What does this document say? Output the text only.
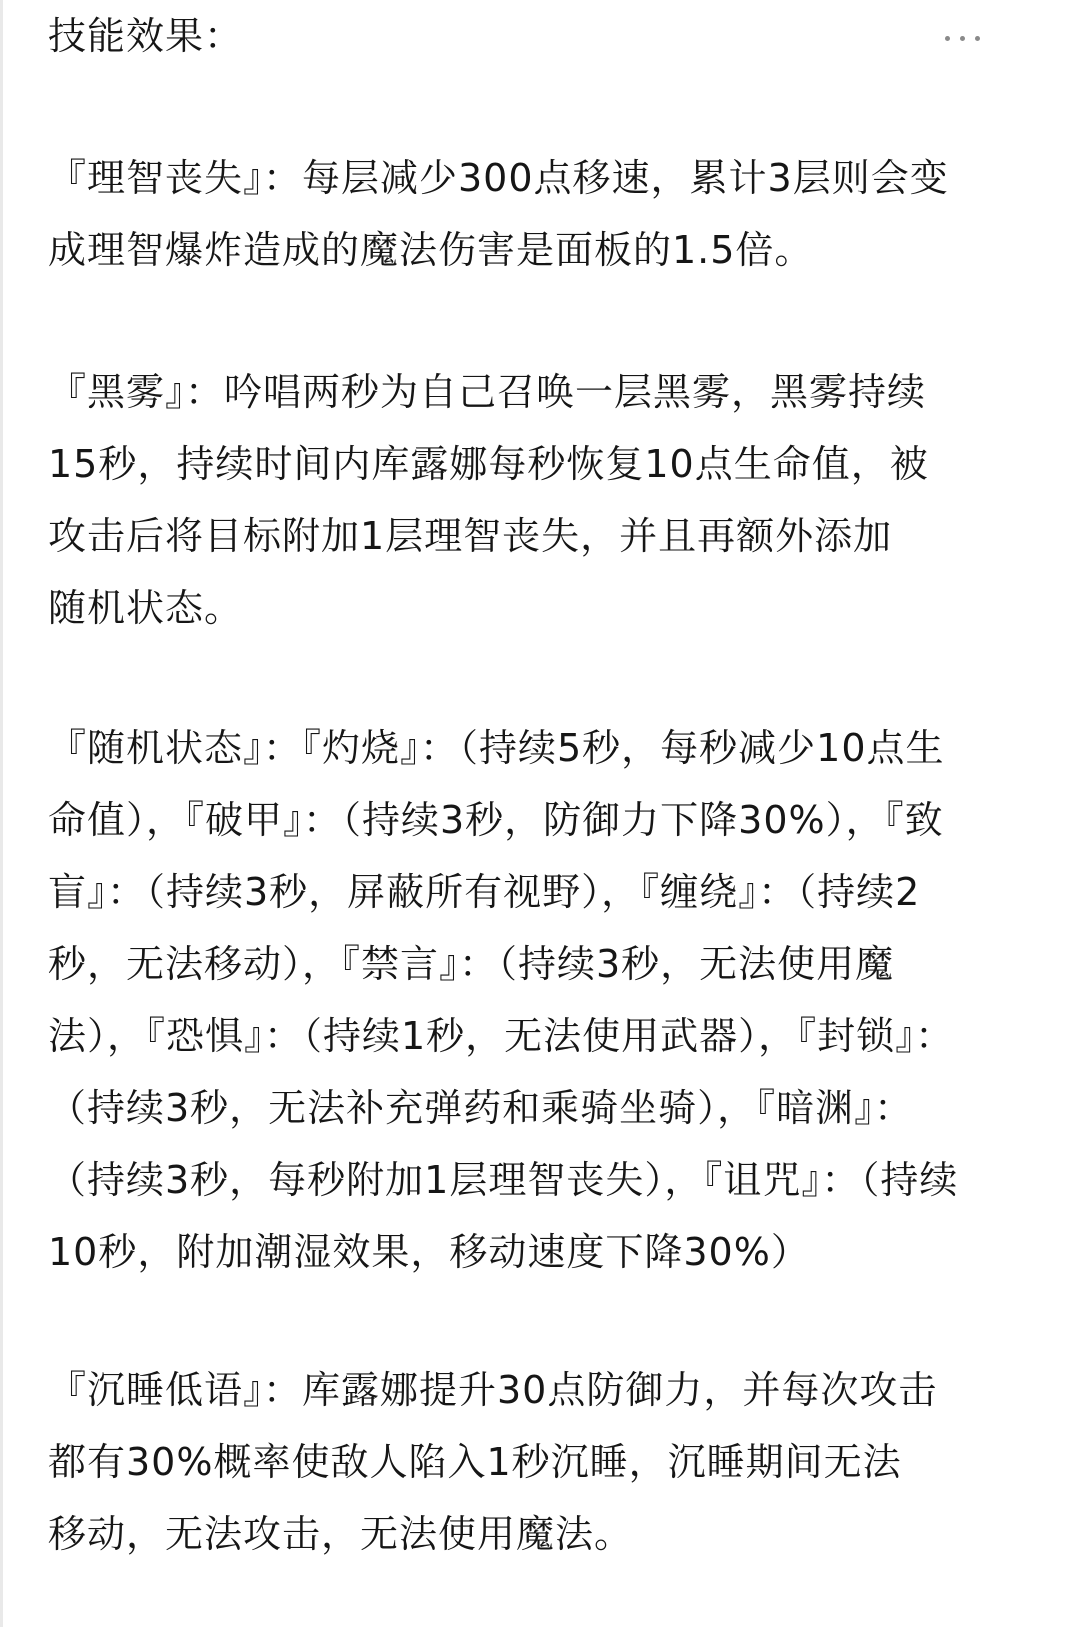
技能效果：
『理智丧失』：每层减少300点移速，累计3层则会变
成理智爆炸造成的魔法伤害是面板的1.5倍。
『黑雾』：吟唱两秒为自己召唤一层黑雾，黑雾持续
15秒，持续时间内库露娜每秒恢复10点生命值，被
攻击后将目标附加1层理智丧失，并且再额外添加
随机状态。
『随机状态』：『灼烧』：（持续5秒，每秒减少10点生
命值），『破甲』：（持续3秒，防御力下降30%），『致
盲』：（持续3秒，屏蔽所有视野），『缠绕』：（持续2
秒，无法移动），『禁言』：（持续3秒，无法使用魔
法），『恐惧』：（持续1秒，无法使用武器），『封锁』：
（持续3秒，无法补充弹药和乘骑坐骑），『暗渊』：
（持续3秒，每秒附加1层理智丧失），『诅咒』：（持续
10秒，附加潮湿效果，移动速度下降30%）
『沉睡低语』：库露娜提升30点防御力，并每次攻击
都有30%概率使敌人陷入1秒沉睡，沉睡期间无法
移动，无法攻击，无法使用魔法。
